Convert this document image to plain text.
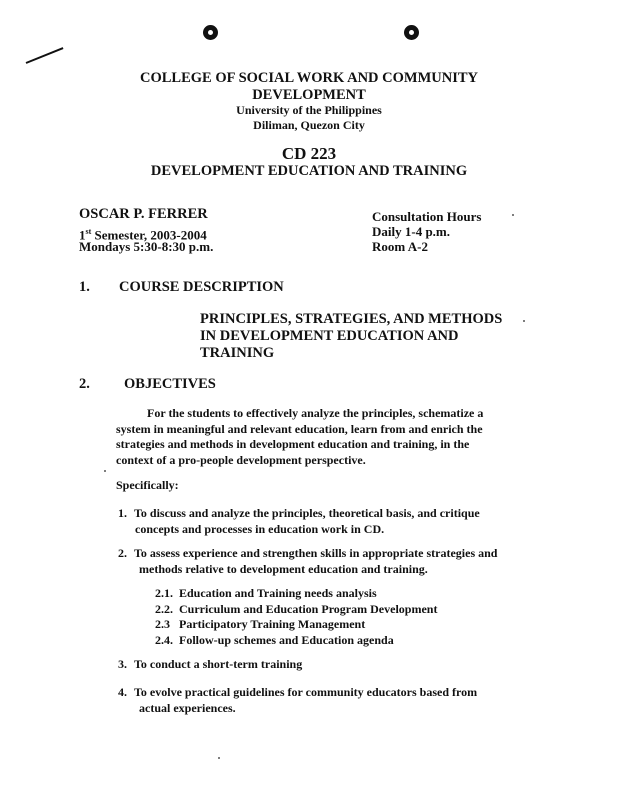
COLLEGE OF SOCIAL WORK AND COMMUNITY
DEVELOPMENT
University of the Philippines
Diliman, Quezon City
CD 223
DEVELOPMENT EDUCATION AND TRAINING
OSCAR P. FERRER
1st Semester, 2003-2004
Mondays 5:30-8:30 p.m.
Consultation Hours
Daily 1-4 p.m.
Room A-2
1. COURSE DESCRIPTION
PRINCIPLES, STRATEGIES, AND METHODS
IN DEVELOPMENT EDUCATION AND
TRAINING
2. OBJECTIVES
For the students to effectively analyze the principles, schematize a
system in meaningful and relevant education, learn from and enrich the
strategies and methods in development education and training, in the
context of a pro-people development perspective.
Specifically:
1. To discuss and analyze the principles, theoretical basis, and critique
concepts and processes in education work in CD.
2. To assess experience and strengthen skills in appropriate strategies and
methods relative to development education and training.
2.1. Education and Training needs analysis
2.2. Curriculum and Education Program Development
2.3 Participatory Training Management
2.4. Follow-up schemes and Education agenda
3. To conduct a short-term training
4. To evolve practical guidelines for community educators based from
actual experiences.
